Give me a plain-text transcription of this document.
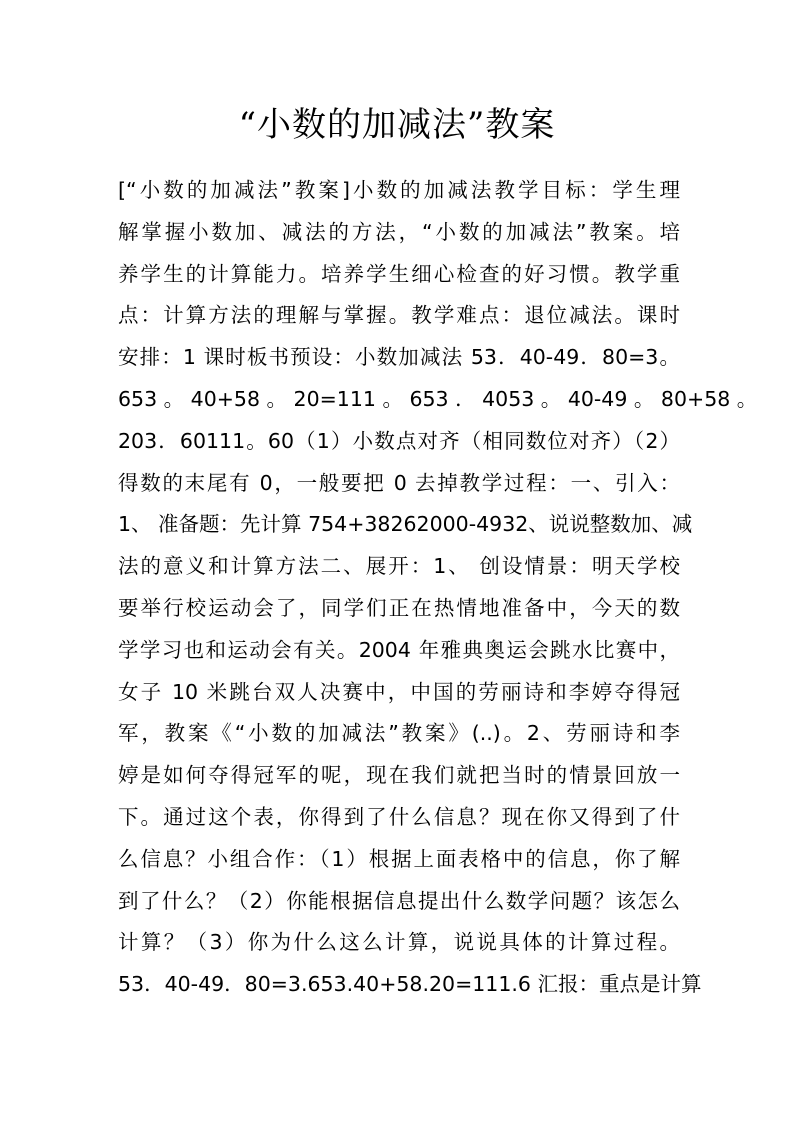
“小数的加减法”教案
[“小数的加减法”教案]小数的加减法教学目标：学生理
解掌握小数加、减法的方法，“小数的加减法”教案。培
养学生的计算能力。培养学生细心检查的好习惯。教学重
点：计算方法的理解与掌握。教学难点：退位减法。课时
安排：1 课时板书预设：小数加减法 53．40-49．80=3。
653 。 40+58 。 20=111 。 653 ． 4053 。 40-49 。 80+58 。
203．60111。60（1）小数点对齐（相同数位对齐）（2）
得数的末尾有 0，一般要把 0 去掉教学过程：一、引入：
1、 准备题：先计算 754+38262000-4932、说说整数加、减
法的意义和计算方法二、展开：1、 创设情景：明天学校
要举行校运动会了，同学们正在热情地准备中，今天的数
学学习也和运动会有关。2004 年雅典奥运会跳水比赛中，
女子 10 米跳台双人决赛中，中国的劳丽诗和李婷夺得冠
军，教案《“小数的加减法”教案》(..)。2、劳丽诗和李
婷是如何夺得冠军的呢，现在我们就把当时的情景回放一
下。通过这个表，你得到了什么信息？现在你又得到了什
么信息？小组合作：（1）根据上面表格中的信息，你了解
到了什么？（2）你能根据信息提出什么数学问题？该怎么
计算？（3）你为什么这么计算，说说具体的计算过程。
53．40-49．80=3.653.40+58.20=111.6 汇报：重点是计算
